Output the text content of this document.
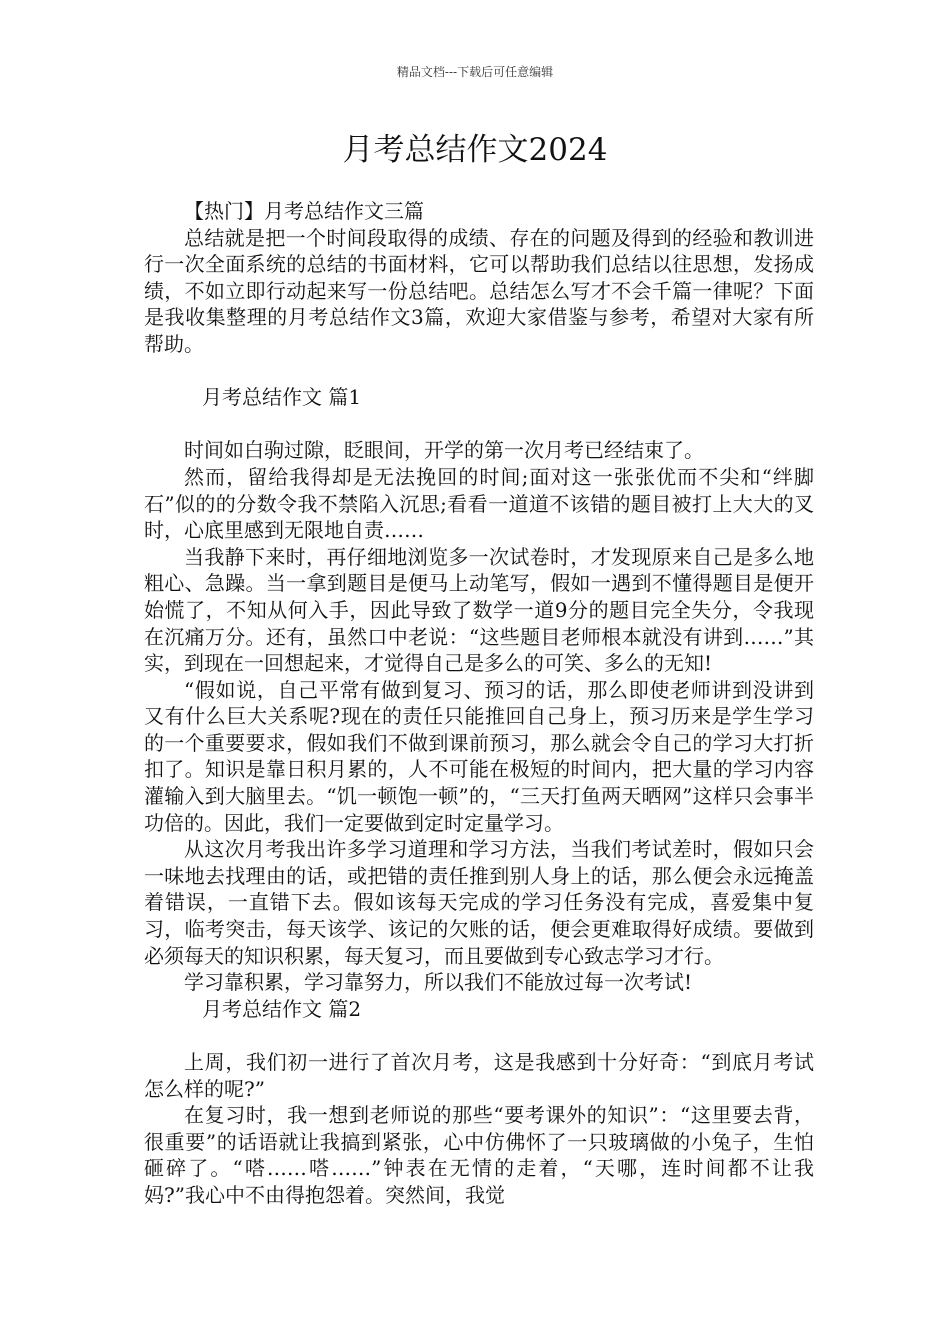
精品文档---下载后可任意编辑
月考总结作文2024

【热门】月考总结作文三篇

总结就是把一个时间段取得的成绩、存在的问题及得到的经验和教训进行一次全面系统的总结的书面材料，它可以帮助我们总结以往思想，发扬成绩，不如立即行动起来写一份总结吧。总结怎么写才不会千篇一律呢？下面是我收集整理的月考总结作文3篇，欢迎大家借鉴与参考，希望对大家有所帮助。

月考总结作文 篇1

时间如白驹过隙，眨眼间，开学的第一次月考已经结束了。

然而，留给我得却是无法挽回的时间;面对这一张张优而不尖和“绊脚石”似的的分数令我不禁陷入沉思;看看一道道不该错的题目被打上大大的叉时，心底里感到无限地自责……

当我静下来时，再仔细地浏览多一次试卷时，才发现原来自己是多么地粗心、急躁。当一拿到题目是便马上动笔写，假如一遇到不懂得题目是便开始慌了，不知从何入手，因此导致了数学一道9分的题目完全失分，令我现在沉痛万分。还有，虽然口中老说：“这些题目老师根本就没有讲到……”其实，到现在一回想起来，才觉得自己是多么的可笑、多么的无知!

“假如说，自己平常有做到复习、预习的话，那么即使老师讲到没讲到又有什么巨大关系呢?现在的责任只能推回自己身上，预习历来是学生学习的一个重要要求，假如我们不做到课前预习，那么就会令自己的学习大打折扣了。知识是靠日积月累的，人不可能在极短的时间内，把大量的学习内容灌输入到大脑里去。“饥一顿饱一顿”的，“三天打鱼两天晒网”这样只会事半功倍的。因此，我们一定要做到定时定量学习。

从这次月考我出许多学习道理和学习方法，当我们考试差时，假如只会一味地去找理由的话，或把错的责任推到别人身上的话，那么便会永远掩盖着错误，一直错下去。假如该每天完成的学习任务没有完成，喜爱集中复习，临考突击，每天该学、该记的欠账的话，便会更难取得好成绩。要做到必须每天的知识积累，每天复习，而且要做到专心致志学习才行。

学习靠积累，学习靠努力，所以我们不能放过每一次考试!

月考总结作文 篇2

上周，我们初一进行了首次月考，这是我感到十分好奇：“到底月考试怎么样的呢?”

在复习时，我一想到老师说的那些“要考课外的知识”：“这里要去背，很重要”的话语就让我搞到紧张，心中仿佛怀了一只玻璃做的小兔子，生怕砸碎了。“嗒……嗒……”钟表在无情的走着，“天哪，连时间都不让我妈?”我心中不由得抱怨着。突然间，我觉
